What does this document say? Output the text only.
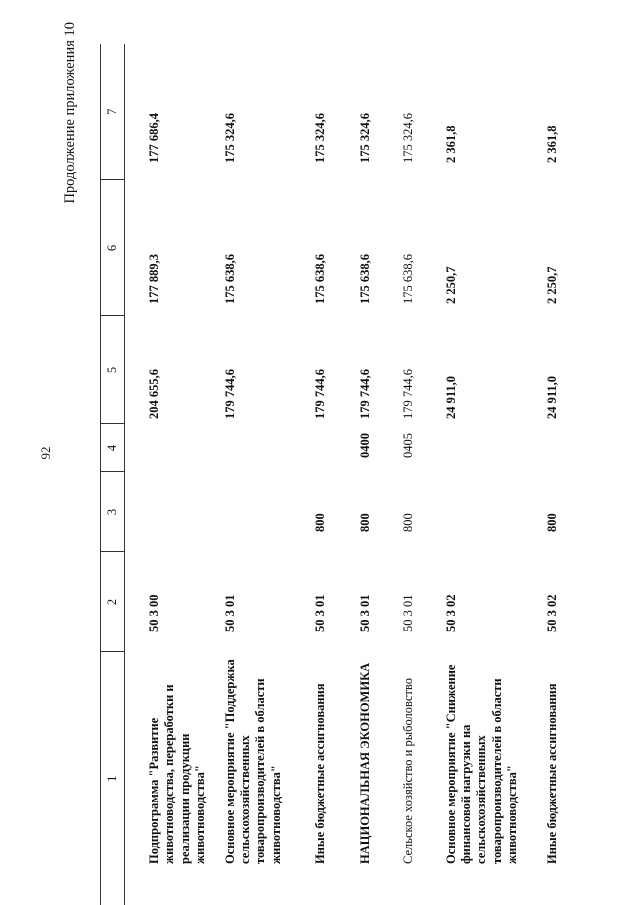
92
Продолжение приложения 10
1	2	3	4	5	6	7
Подпрограмма "Развитие животноводства, переработки и реализации продукции животноводства"	50 3 00			204 655,6	177 889,3	177 686,4
Основное мероприятие "Поддержка сельскохозяйственных товаропроизводителей в области животноводства"	50 3 01			179 744,6	175 638,6	175 324,6
Иные бюджетные ассигнования	50 3 01	800		179 744,6	175 638,6	175 324,6
НАЦИОНАЛЬНАЯ ЭКОНОМИКА	50 3 01	800	0400	179 744,6	175 638,6	175 324,6
Сельское хозяйство и рыболовство	50 3 01	800	0405	179 744,6	175 638,6	175 324,6
Основное мероприятие "Снижение финансовой нагрузки на сельскохозяйственных товаропроизводителей в области животноводства"	50 3 02			24 911,0	2 250,7	2 361,8
Иные бюджетные ассигнования	50 3 02	800		24 911,0	2 250,7	2 361,8
